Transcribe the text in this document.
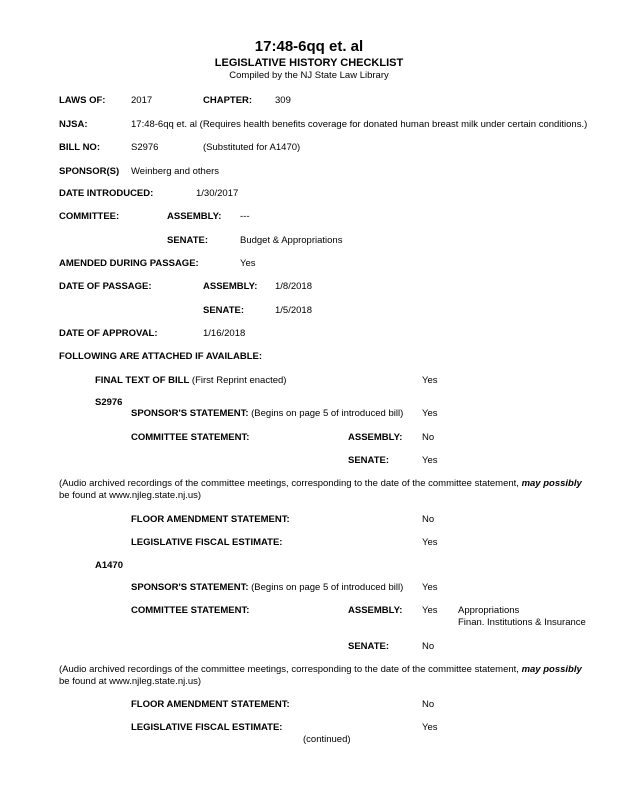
17:48-6qq et. al
LEGISLATIVE HISTORY CHECKLIST
Compiled by the NJ State Law Library
LAWS OF:	2017	CHAPTER: 309
NJSA:	17:48-6qq et. al (Requires health benefits coverage for donated human breast milk under certain conditions.)
BILL NO:	S2976	(Substituted for A1470)
SPONSOR(S) Weinberg and others
DATE INTRODUCED:	1/30/2017
COMMITTEE:	ASSEMBLY: ---
SENATE:	Budget & Appropriations
AMENDED DURING PASSAGE:	Yes
DATE OF PASSAGE:	ASSEMBLY: 1/8/2018
SENATE:	1/5/2018
DATE OF APPROVAL:	1/16/2018
FOLLOWING ARE ATTACHED IF AVAILABLE:
FINAL TEXT OF BILL (First Reprint enacted)	Yes
S2976
SPONSOR'S STATEMENT: (Begins on page 5 of introduced bill) Yes
COMMITTEE STATEMENT:	ASSEMBLY: No
SENATE:	Yes
(Audio archived recordings of the committee meetings, corresponding to the date of the committee statement, may possibly
be found at www.njleg.state.nj.us)
FLOOR AMENDMENT STATEMENT:	No
LEGISLATIVE FISCAL ESTIMATE:	Yes
A1470
SPONSOR'S STATEMENT: (Begins on page 5 of introduced bill) Yes
COMMITTEE STATEMENT:	ASSEMBLY: Yes Appropriations
Finan. Institutions & Insurance
SENATE:	No
(Audio archived recordings of the committee meetings, corresponding to the date of the committee statement, may possibly
be found at www.njleg.state.nj.us)
FLOOR AMENDMENT STATEMENT:	No
LEGISLATIVE FISCAL ESTIMATE:	Yes
(continued)
